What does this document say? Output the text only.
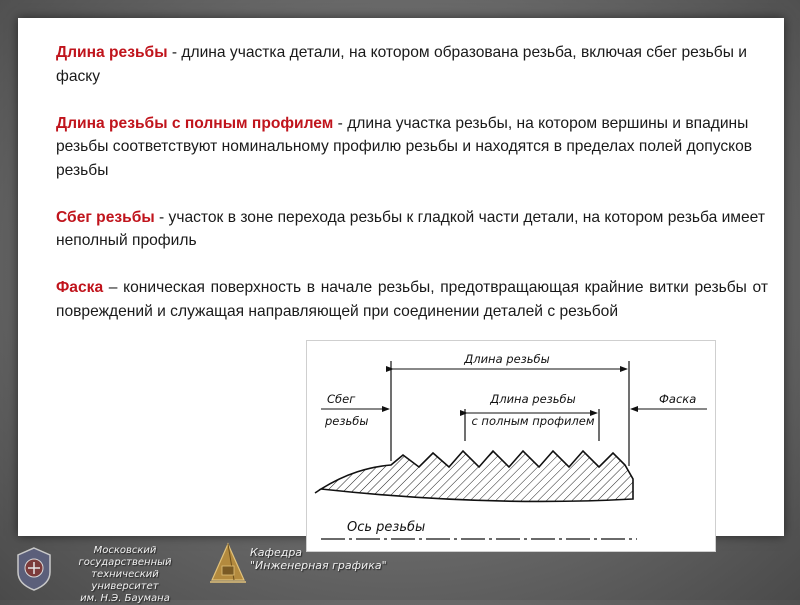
Длина резьбы - длина участка детали, на котором образована резьба, включая сбег резьбы и фаску

Длина резьбы с полным профилем - длина участка резьбы, на котором вершины и впадины резьбы соответствуют номинальному профилю резьбы и находятся в пределах полей допусков резьбы

Сбег резьбы - участок в зоне перехода резьбы к гладкой части детали, на котором резьба имеет неполный профиль

Фаска – коническая поверхность в начале резьбы, предотвращающая крайние витки резьбы от повреждений и служащая направляющей при соединении деталей с резьбой

Длина резьбы
Сбег
резьбы
Длина резьбы
с полным профилем
Фаска
Ось резьбы
Московский государственный
технический университет
им. Н.Э. Баумана
Кафедра
"Инженерная графика"
